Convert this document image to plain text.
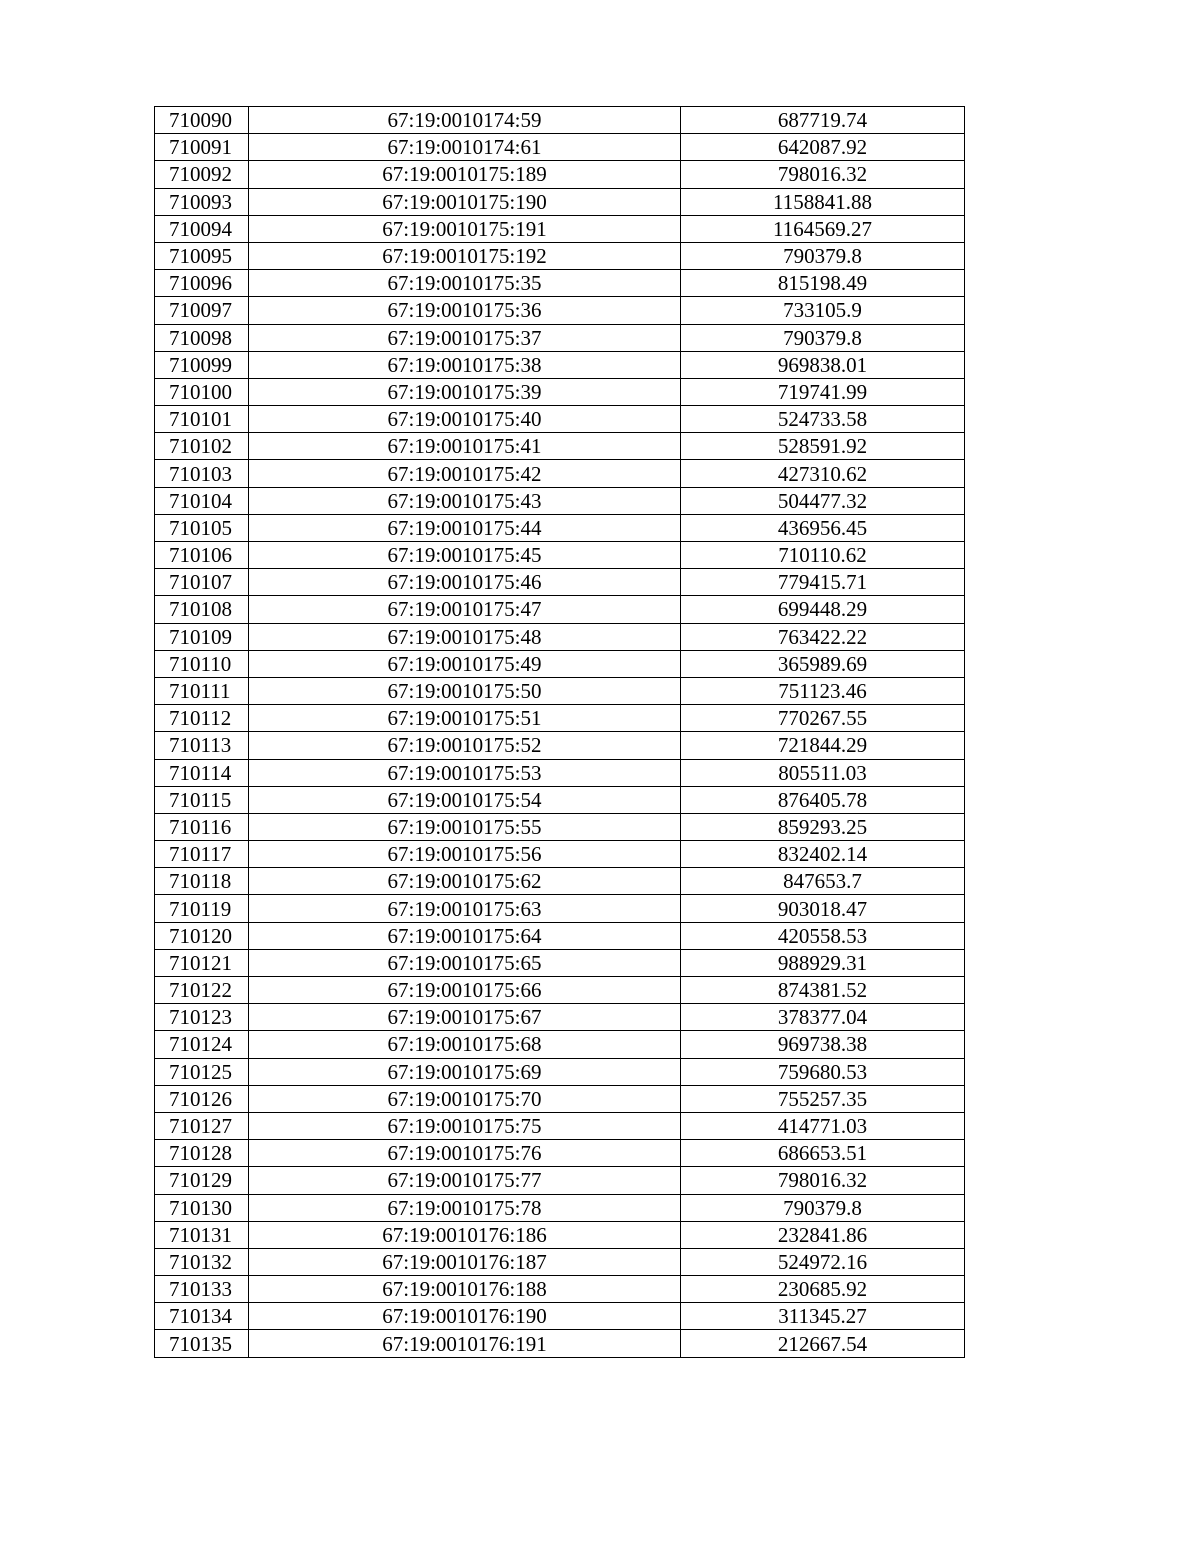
710090	67:19:0010174:59	687719.74
710091	67:19:0010174:61	642087.92
710092	67:19:0010175:189	798016.32
710093	67:19:0010175:190	1158841.88
710094	67:19:0010175:191	1164569.27
710095	67:19:0010175:192	790379.8
710096	67:19:0010175:35	815198.49
710097	67:19:0010175:36	733105.9
710098	67:19:0010175:37	790379.8
710099	67:19:0010175:38	969838.01
710100	67:19:0010175:39	719741.99
710101	67:19:0010175:40	524733.58
710102	67:19:0010175:41	528591.92
710103	67:19:0010175:42	427310.62
710104	67:19:0010175:43	504477.32
710105	67:19:0010175:44	436956.45
710106	67:19:0010175:45	710110.62
710107	67:19:0010175:46	779415.71
710108	67:19:0010175:47	699448.29
710109	67:19:0010175:48	763422.22
710110	67:19:0010175:49	365989.69
710111	67:19:0010175:50	751123.46
710112	67:19:0010175:51	770267.55
710113	67:19:0010175:52	721844.29
710114	67:19:0010175:53	805511.03
710115	67:19:0010175:54	876405.78
710116	67:19:0010175:55	859293.25
710117	67:19:0010175:56	832402.14
710118	67:19:0010175:62	847653.7
710119	67:19:0010175:63	903018.47
710120	67:19:0010175:64	420558.53
710121	67:19:0010175:65	988929.31
710122	67:19:0010175:66	874381.52
710123	67:19:0010175:67	378377.04
710124	67:19:0010175:68	969738.38
710125	67:19:0010175:69	759680.53
710126	67:19:0010175:70	755257.35
710127	67:19:0010175:75	414771.03
710128	67:19:0010175:76	686653.51
710129	67:19:0010175:77	798016.32
710130	67:19:0010175:78	790379.8
710131	67:19:0010176:186	232841.86
710132	67:19:0010176:187	524972.16
710133	67:19:0010176:188	230685.92
710134	67:19:0010176:190	311345.27
710135	67:19:0010176:191	212667.54
